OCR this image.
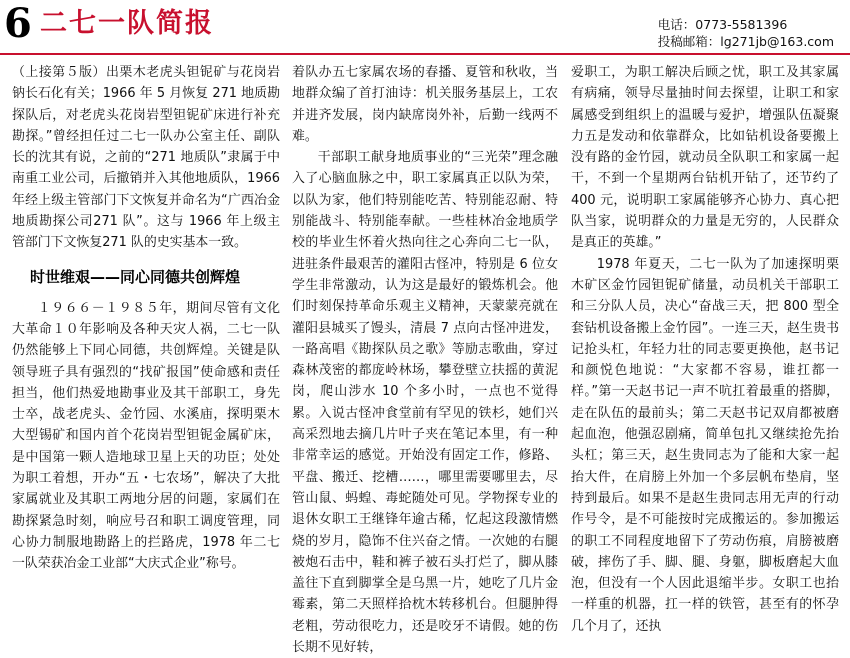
6 二七一队简报	电话：0773-5581396
投稿邮箱：lg271jb@163.com

（上接第５版）出栗木老虎头钽铌矿与花岗岩钠长石化有关；1966 年 5 月恢复 271 地质勘探队后，对老虎头花岗岩型钽铌矿床进行补充勘探。”曾经担任过二七一队办公室主任、副队长的沈其有说，之前的“271 地质队”隶属于中南重工业公司，后撤销并入其他地质队，1966 年经上级主管部门下文恢复并命名为“广西冶金地质勘探公司271 队”。这与 1966 年上级主管部门下文恢复271 队的史实基本一致。

时世维艰——同心同德共创辉煌

１９６６－１９８５年，期间尽管有文化大革命１０年影响及各种天灾人祸，二七一队仍然能够上下同心同德，共创辉煌。关键是队领导班子具有强烈的“找矿报国”使命感和责任担当，他们热爱地勘事业及其干部职工，身先士卒，战老虎头、金竹园、水溪庙，探明栗木大型锡矿和国内首个花岗岩型钽铌金属矿床，是中国第一颗人造地球卫星上天的功臣；处处为职工着想，开办“五・七农场”，解决了大批家属就业及其职工两地分居的问题，家属们在勘探紧急时刻，响应号召和职工调度管理，同心协力制服地勘路上的拦路虎，1978 年二七一队荣获冶金工业部“大庆式企业”称号。

着队办五七家属农场的春播、夏管和秋收，当地群众编了首打油诗：机关服务基层上，工农并进齐发展，岗内缺席岗外补，后勤一线两不难。

干部职工献身地质事业的“三光荣”理念融入了心脑血脉之中，职工家属真正以队为荣，以队为家，他们特别能吃苦、特别能忍耐、特别能战斗、特别能奉献。一些桂林冶金地质学校的毕业生怀着火热向往之心奔向二七一队，进驻条件最艰苦的灌阳古怪冲，特别是 6 位女学生非常激动，认为这是最好的锻炼机会。他们时刻保持革命乐观主义精神，天蒙蒙亮就在灌阳县城买了馒头，清晨 7 点向古怪冲进发，一路高唱《勘探队员之歌》等励志歌曲，穿过森林茂密的都庞岭林场，攀登壁立扶摇的黄泥岗，爬山涉水 10 个多小时，一点也不觉得累。入说古怪冲食堂前有罕见的铁杉，她们兴高采烈地去摘几片叶子夹在笔记本里，有一种非常幸运的感觉。开始没有固定工作，修路、平盘、搬迁、挖槽……，哪里需要哪里去，尽管山鼠、蚂蝗、毒蛇随处可见。学物探专业的退休女职工王继锋年逾古稀，忆起这段激情燃烧的岁月，隐饰不住兴奋之情。一次她的右腿被炮石击中，鞋和裤子被石头打烂了，脚从膝盖往下直到脚掌全是乌黑一片，她吃了几片金霉素，第二天照样拾枕木转移机台。但腿肿得老粗，劳动很吃力，还是咬牙不请假。她的伤长期不见好转，

爱职工，为职工解决后顾之忧，职工及其家属有病痛，领导尽量抽时间去探望，让职工和家属感受到组织上的温暖与爱护，增强队伍凝聚力五是发动和依靠群众，比如钻机设备要搬上没有路的金竹园，就动员全队职工和家属一起干，不到一个星期两台钻机开钻了，还节约了 400 元，说明职工家属能够齐心协力、真心把队当家，说明群众的力量是无穷的，人民群众是真正的英雄。”

1978 年夏天，二七一队为了加速探明栗木矿区金竹园钽铌矿储量，动员机关干部职工和三分队人员，决心“奋战三天，把 800 型全套钻机设备搬上金竹园”。一连三天，赵生贵书记抢头杠，年轻力壮的同志要更换他，赵书记和颜悦色地说：“大家都不容易，谁扛都一样。”第一天赵书记一声不吭扛着最重的搭脚，走在队伍的最前头；第二天赵书记双肩都被磨起血泡，他强忍剧痛，简单包扎又继续抢先抬头杠；第三天，赵生贵同志为了能和大家一起抬大件，在肩膀上外加一个多层帆布垫肩，坚持到最后。如果不是赵生贵同志用无声的行动作号令，是不可能按时完成搬运的。参加搬运的职工不同程度地留下了劳动伤痕，肩膀被磨破，摔伤了手、脚、腿、身躯，脚板磨起大血泡，但没有一个人因此退缩半步。女职工也抬一样重的机器，扛一样的铁管，甚至有的怀孕几个月了，还执
